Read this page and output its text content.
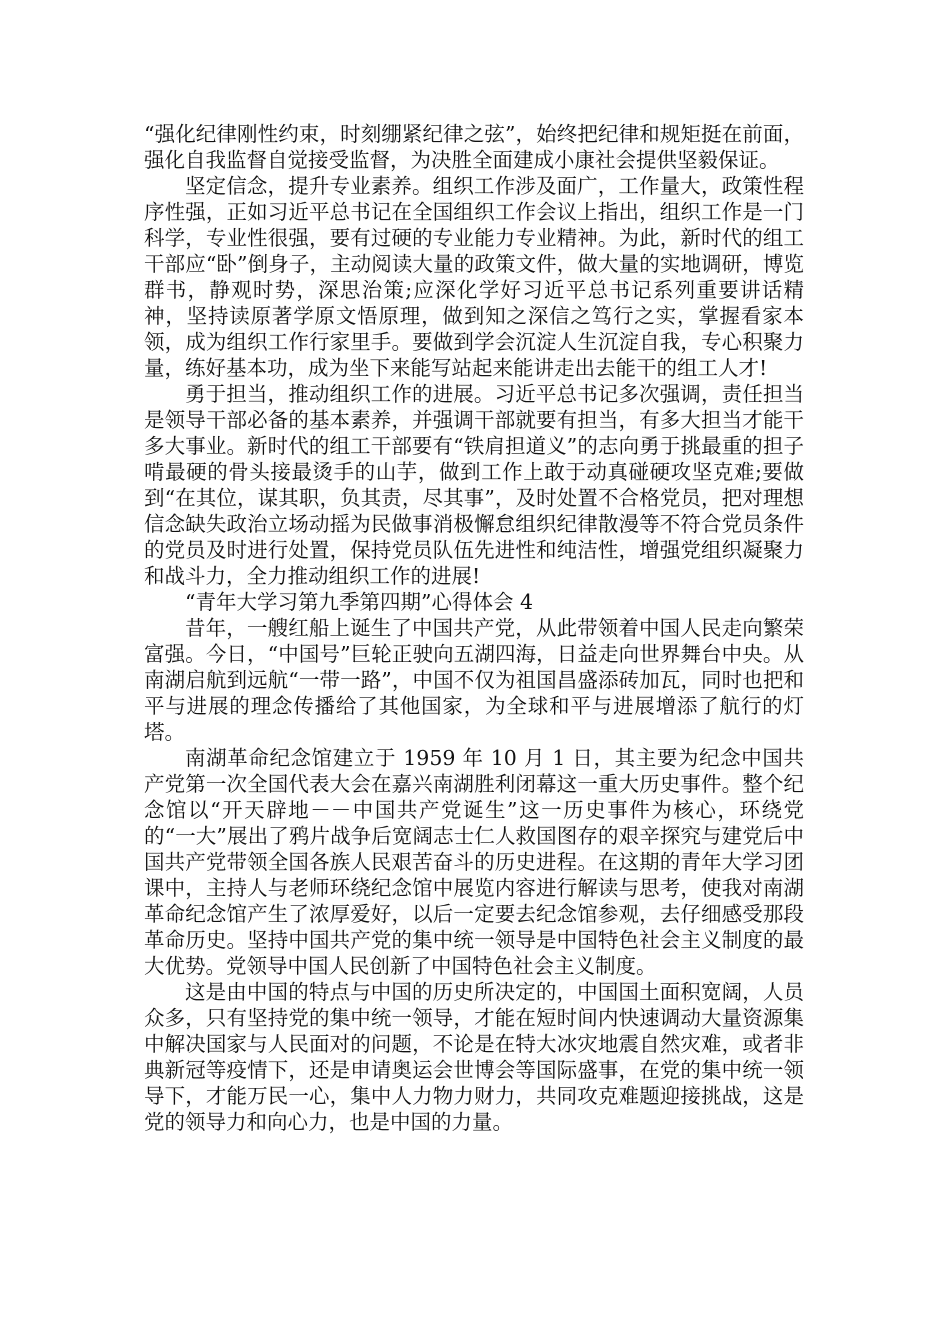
“强化纪律刚性约束，时刻绷紧纪律之弦”，始终把纪律和规矩挺在前面，强化自我监督自觉接受监督，为决胜全面建成小康社会提供坚毅保证。

坚定信念，提升专业素养。组织工作涉及面广，工作量大，政策性程序性强，正如习近平总书记在全国组织工作会议上指出，组织工作是一门科学，专业性很强，要有过硬的专业能力专业精神。为此，新时代的组工干部应“卧”倒身子，主动阅读大量的政策文件，做大量的实地调研，博览群书，静观时势，深思治策;应深化学好习近平总书记系列重要讲话精神，坚持读原著学原文悟原理，做到知之深信之笃行之实，掌握看家本领，成为组织工作行家里手。要做到学会沉淀人生沉淀自我，专心积聚力量，练好基本功，成为坐下来能写站起来能讲走出去能干的组工人才!

勇于担当，推动组织工作的进展。习近平总书记多次强调，责任担当是领导干部必备的基本素养，并强调干部就要有担当，有多大担当才能干多大事业。新时代的组工干部要有“铁肩担道义”的志向勇于挑最重的担子啃最硬的骨头接最烫手的山芋，做到工作上敢于动真碰硬攻坚克难;要做到“在其位，谋其职，负其责，尽其事”，及时处置不合格党员，把对理想信念缺失政治立场动摇为民做事消极懈怠组织纪律散漫等不符合党员条件的党员及时进行处置，保持党员队伍先进性和纯洁性，增强党组织凝聚力和战斗力，全力推动组织工作的进展!

“青年大学习第九季第四期”心得体会 4

昔年，一艘红船上诞生了中国共产党，从此带领着中国人民走向繁荣富强。今日，“中国号”巨轮正驶向五湖四海，日益走向世界舞台中央。从南湖启航到远航“一带一路”，中国不仅为祖国昌盛添砖加瓦，同时也把和平与进展的理念传播给了其他国家，为全球和平与进展增添了航行的灯塔。

南湖革命纪念馆建立于 1959 年 10 月 1 日，其主要为纪念中国共产党第一次全国代表大会在嘉兴南湖胜利闭幕这一重大历史事件。整个纪念馆以“开天辟地－－中国共产党诞生”这一历史事件为核心，环绕党的“一大”展出了鸦片战争后宽阔志士仁人救国图存的艰辛探究与建党后中国共产党带领全国各族人民艰苦奋斗的历史进程。在这期的青年大学习团课中，主持人与老师环绕纪念馆中展览内容进行解读与思考，使我对南湖革命纪念馆产生了浓厚爱好，以后一定要去纪念馆参观，去仔细感受那段革命历史。坚持中国共产党的集中统一领导是中国特色社会主义制度的最大优势。党领导中国人民创新了中国特色社会主义制度。

这是由中国的特点与中国的历史所决定的，中国国土面积宽阔，人员众多，只有坚持党的集中统一领导，才能在短时间内快速调动大量资源集中解决国家与人民面对的问题，不论是在特大冰灾地震自然灾难，或者非典新冠等疫情下，还是申请奥运会世博会等国际盛事，在党的集中统一领导下，才能万民一心，集中人力物力财力，共同攻克难题迎接挑战，这是党的领导力和向心力，也是中国的力量。
